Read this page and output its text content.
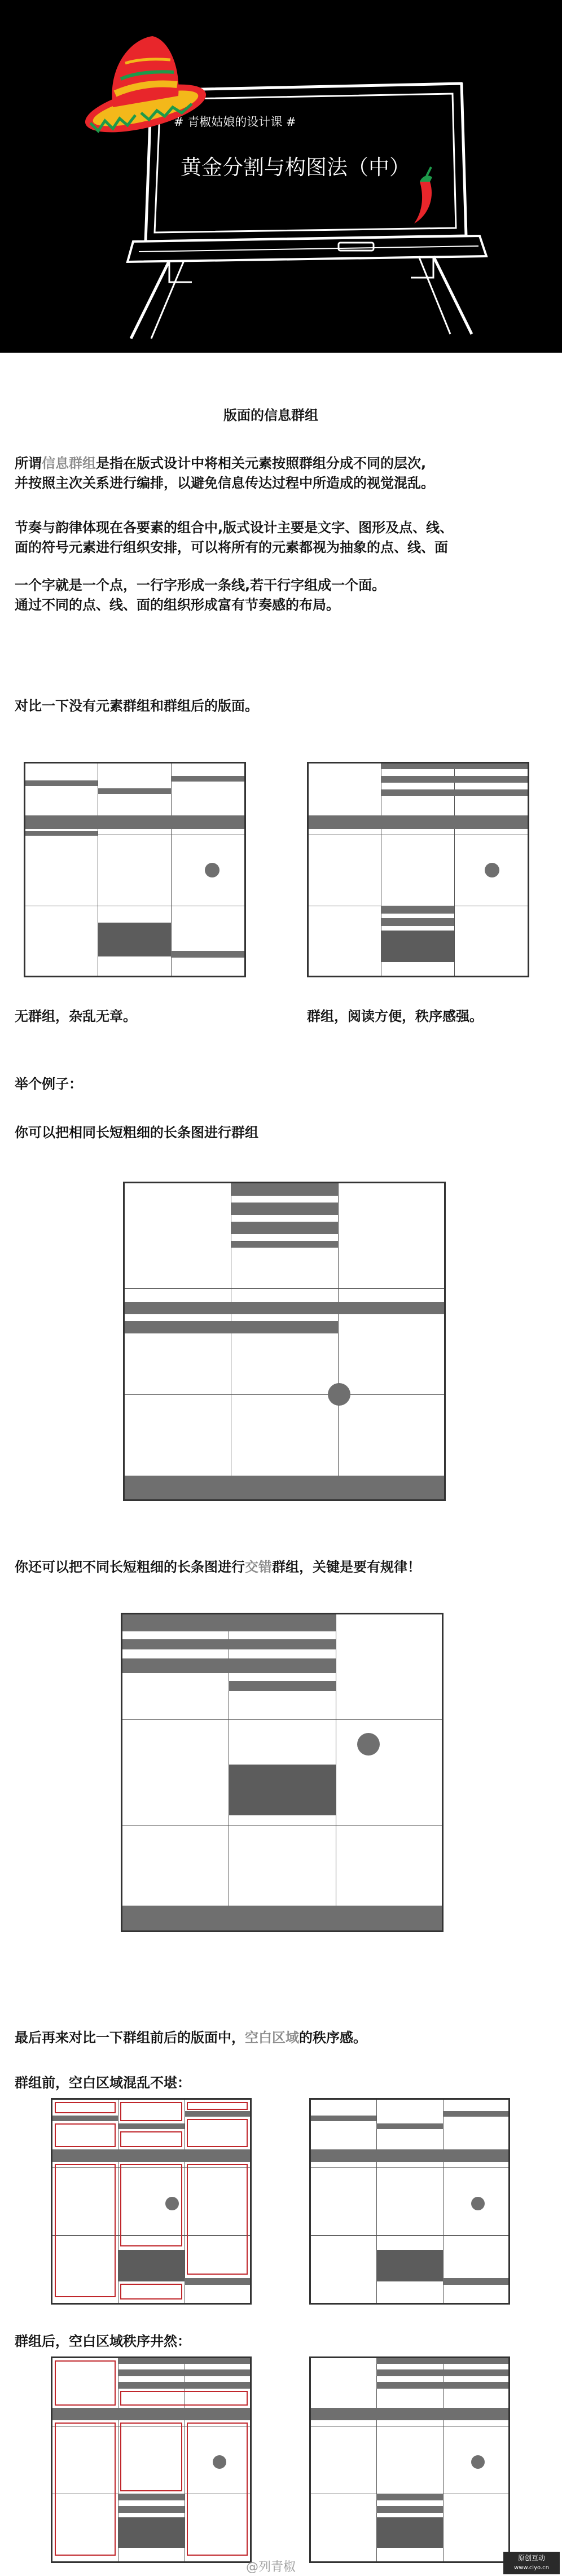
# 青椒姑娘的设计课 #
黄金分割与构图法（中）
版面的信息群组
所谓信息群组是指在版式设计中将相关元素按照群组分成不同的层次,
并按照主次关系进行编排，以避免信息传达过程中所造成的视觉混乱。
节奏与韵律体现在各要素的组合中,版式设计主要是文字、图形及点、线、
面的符号元素进行组织安排，可以将所有的元素都视为抽象的点、线、面
一个字就是一个点，一行字形成一条线,若干行字组成一个面。
通过不同的点、线、面的组织形成富有节奏感的布局。
对比一下没有元素群组和群组后的版面。
无群组，杂乱无章。	群组，阅读方便，秩序感强。
举个例子：
你可以把相同长短粗细的长条图进行群组
你还可以把不同长短粗细的长条图进行交错群组，关键是要有规律！
最后再来对比一下群组前后的版面中，空白区域的秩序感。
群组前，空白区域混乱不堪：
群组后，空白区域秩序井然：
@列青椒
原创互动
www.ciyo.cn
